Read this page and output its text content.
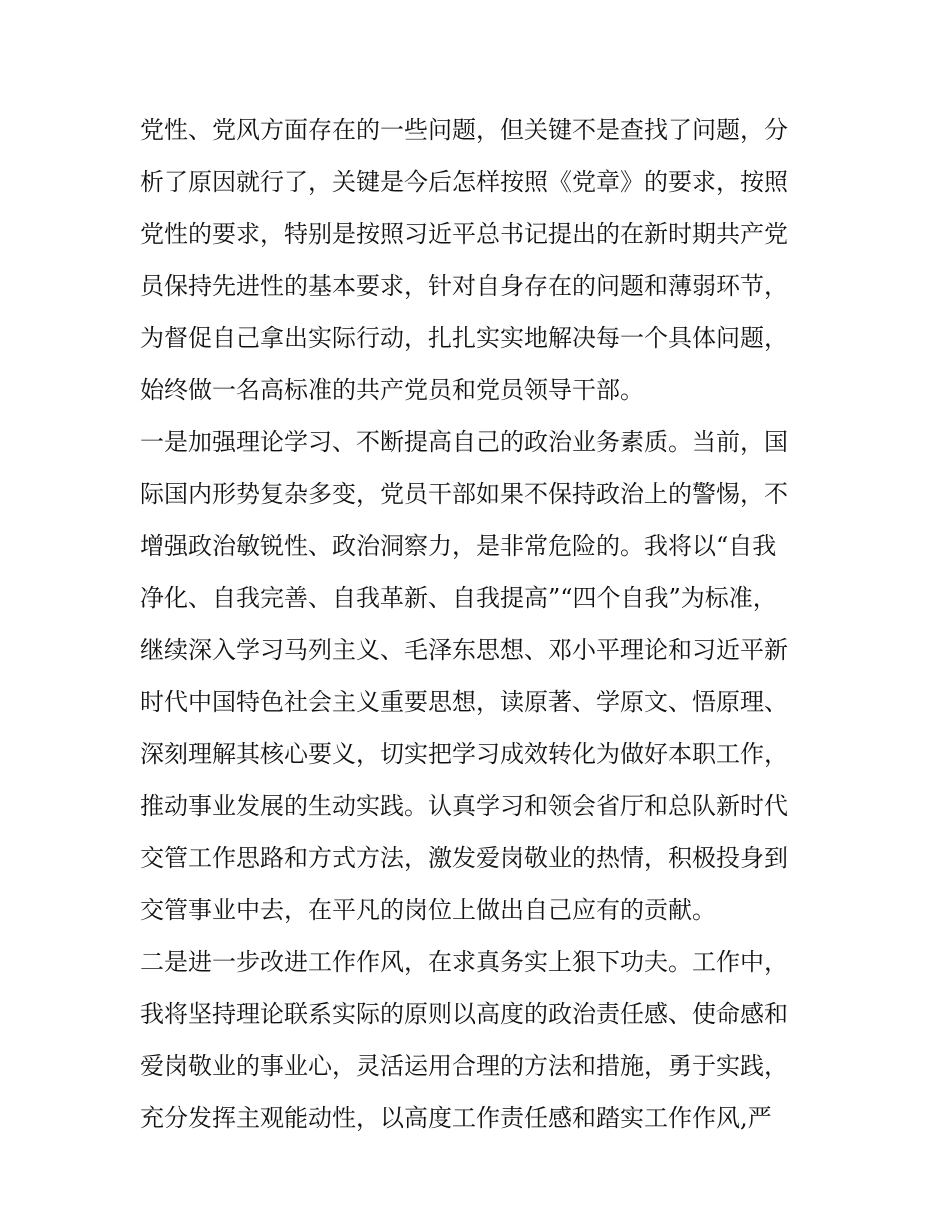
党性、党风方面存在的一些问题，但关键不是查找了问题，分
析了原因就行了，关键是今后怎样按照《党章》的要求，按照
党性的要求，特别是按照习近平总书记提出的在新时期共产党
员保持先进性的基本要求，针对自身存在的问题和薄弱环节，
为督促自己拿出实际行动，扎扎实实地解决每一个具体问题，
始终做一名高标准的共产党员和党员领导干部。
一是加强理论学习、不断提高自己的政治业务素质。当前，国
际国内形势复杂多变，党员干部如果不保持政治上的警惕，不
增强政治敏锐性、政治洞察力，是非常危险的。我将以“自我
净化、自我完善、自我革新、自我提高”“四个自我”为标准，
继续深入学习马列主义、毛泽东思想、邓小平理论和习近平新
时代中国特色社会主义重要思想，读原著、学原文、悟原理、
深刻理解其核心要义，切实把学习成效转化为做好本职工作，
推动事业发展的生动实践。认真学习和领会省厅和总队新时代
交管工作思路和方式方法，激发爱岗敬业的热情，积极投身到
交管事业中去，在平凡的岗位上做出自己应有的贡献。
二是进一步改进工作作风，在求真务实上狠下功夫。工作中，
我将坚持理论联系实际的原则以高度的政治责任感、使命感和
爱岗敬业的事业心，灵活运用合理的方法和措施，勇于实践，
充分发挥主观能动性，以高度工作责任感和踏实工作作风,严
